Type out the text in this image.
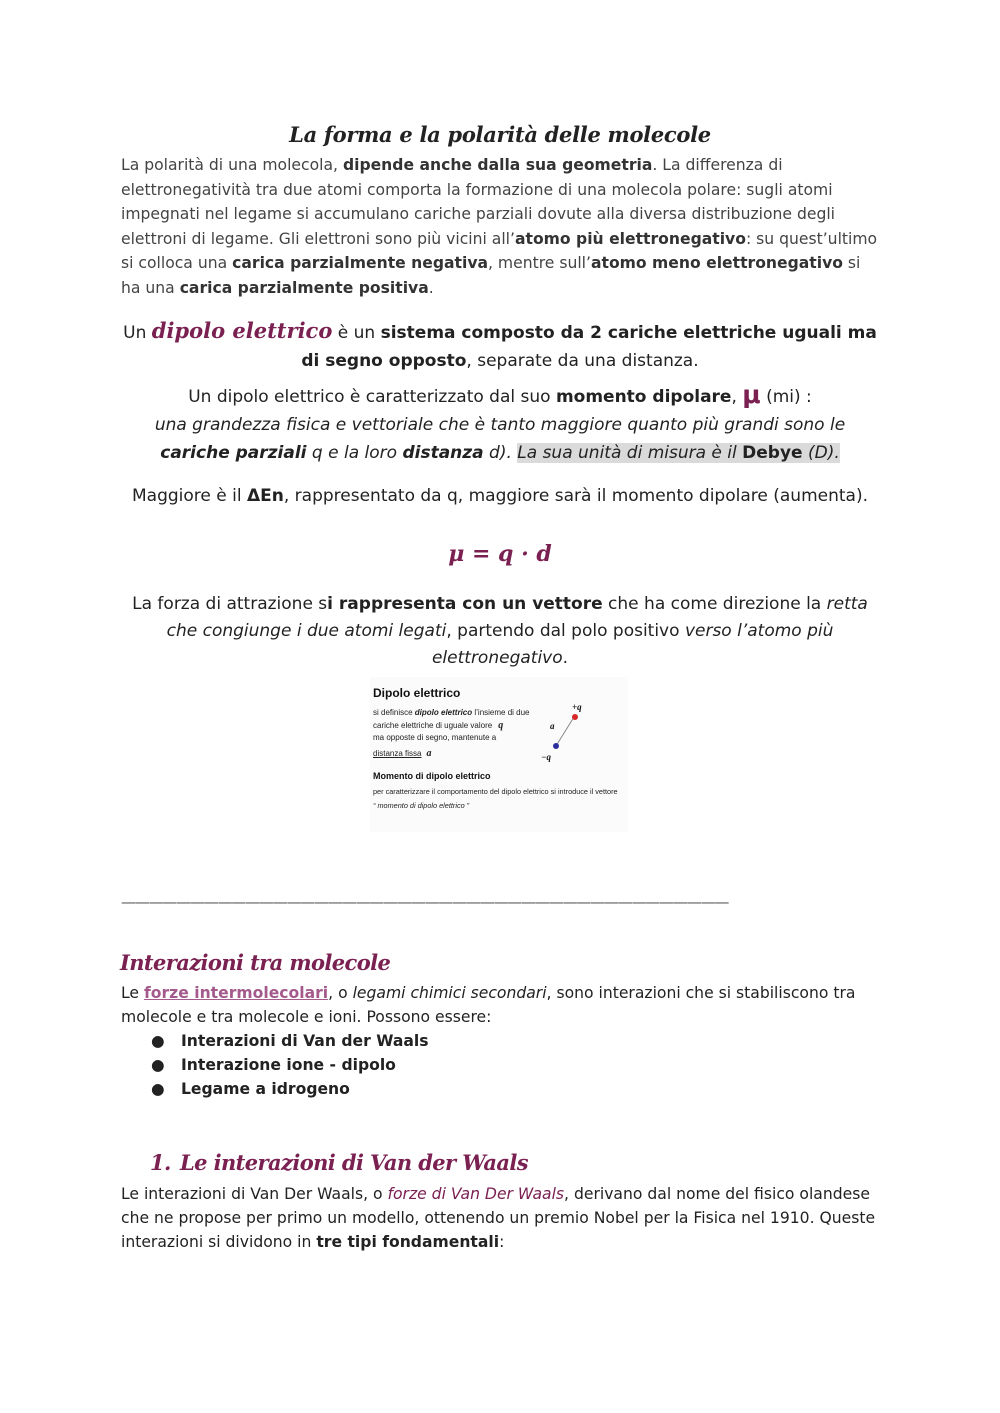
La forma e la polarità delle molecole

La polarità di una molecola, dipende anche dalla sua geometria. La differenza di elettronegatività tra due atomi comporta la formazione di una molecola polare: sugli atomi impegnati nel legame si accumulano cariche parziali dovute alla diversa distribuzione degli elettroni di legame. Gli elettroni sono più vicini all’atomo più elettronegativo: su quest’ultimo si colloca una carica parzialmente negativa, mentre sull’atomo meno elettronegativo si ha una carica parzialmente positiva.

Un dipolo elettrico è un sistema composto da 2 cariche elettriche uguali ma di segno opposto, separate da una distanza.

Un dipolo elettrico è caratterizzato dal suo momento dipolare, μ (mi) :
una grandezza fisica e vettoriale che è tanto maggiore quanto più grandi sono le cariche parziali q e la loro distanza d). La sua unità di misura è il Debye (D).

Maggiore è il ΔEn, rappresentato da q, maggiore sarà il momento dipolare (aumenta).

μ = q · d

La forza di attrazione si rappresenta con un vettore che ha come direzione la retta che congiunge i due atomi legati, partendo dal polo positivo verso l’atomo più elettronegativo.

Dipolo elettrico
si definisce dipolo elettrico l’insieme di due
cariche elettriche di uguale valore q
ma opposte di segno, mantenute a
distanza fissa a
+q
a
−q
Momento di dipolo elettrico
per caratterizzare il comportamento del dipolo elettrico si introduce il vettore
“ momento di dipolo elettrico ”
————————————————————————————————————————————
Interazioni tra molecole

Le forze intermolecolari, o legami chimici secondari, sono interazioni che si stabiliscono tra molecole e tra molecole e ioni. Possono essere:

● Interazioni di Van der Waals
● Interazione ione - dipolo
● Legame a idrogeno
1. Le interazioni di Van der Waals

Le interazioni di Van Der Waals, o forze di Van Der Waals, derivano dal nome del fisico olandese che ne propose per primo un modello, ottenendo un premio Nobel per la Fisica nel 1910. Queste interazioni si dividono in tre tipi fondamentali:
